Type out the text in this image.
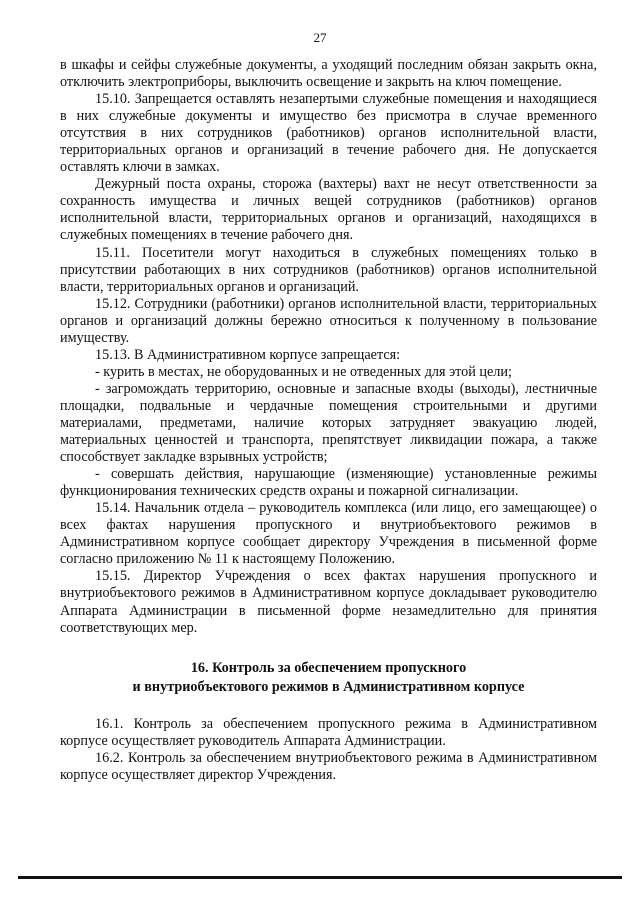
27

в шкафы и сейфы служебные документы, а уходящий последним обязан закрыть окна, отключить электроприборы, выключить освещение и закрыть на ключ помещение.

15.10. Запрещается оставлять незапертыми служебные помещения и находящиеся в них служебные документы и имущество без присмотра в случае временного отсутствия в них сотрудников (работников) органов исполнительной власти, территориальных органов и организаций в течение рабочего дня. Не допускается оставлять ключи в замках.

Дежурный поста охраны, сторожа (вахтеры) вахт не несут ответственности за сохранность имущества и личных вещей сотрудников (работников) органов исполнительной власти, территориальных органов и организаций, находящихся в служебных помещениях в течение рабочего дня.

15.11. Посетители могут находиться в служебных помещениях только в присутствии работающих в них сотрудников (работников) органов исполнительной власти, территориальных органов и организаций.

15.12. Сотрудники (работники) органов исполнительной власти, территориальных органов и организаций должны бережно относиться к полученному в пользование имуществу.

15.13. В Административном корпусе запрещается:

- курить в местах, не оборудованных и не отведенных для этой цели;

- загромождать территорию, основные и запасные входы (выходы), лестничные площадки, подвальные и чердачные помещения строительными и другими материалами, предметами, наличие которых затрудняет эвакуацию людей, материальных ценностей и транспорта, препятствует ликвидации пожара, а также способствует закладке взрывных устройств;

- совершать действия, нарушающие (изменяющие) установленные режимы функционирования технических средств охраны и пожарной сигнализации.

15.14. Начальник отдела – руководитель комплекса (или лицо, его замещающее) о всех фактах нарушения пропускного и внутриобъектового режимов в Административном корпусе сообщает директору Учреждения в письменной форме согласно приложению № 11 к настоящему Положению.

15.15. Директор Учреждения о всех фактах нарушения пропускного и внутриобъектового режимов в Административном корпусе докладывает руководителю Аппарата Администрации в письменной форме незамедлительно для принятия соответствующих мер.

16. Контроль за обеспечением пропускного
и внутриобъектового режимов в Административном корпусе

16.1. Контроль за обеспечением пропускного режима в Административном корпусе осуществляет руководитель Аппарата Администрации.

16.2. Контроль за обеспечением внутриобъектового режима в Административном корпусе осуществляет директор Учреждения.
